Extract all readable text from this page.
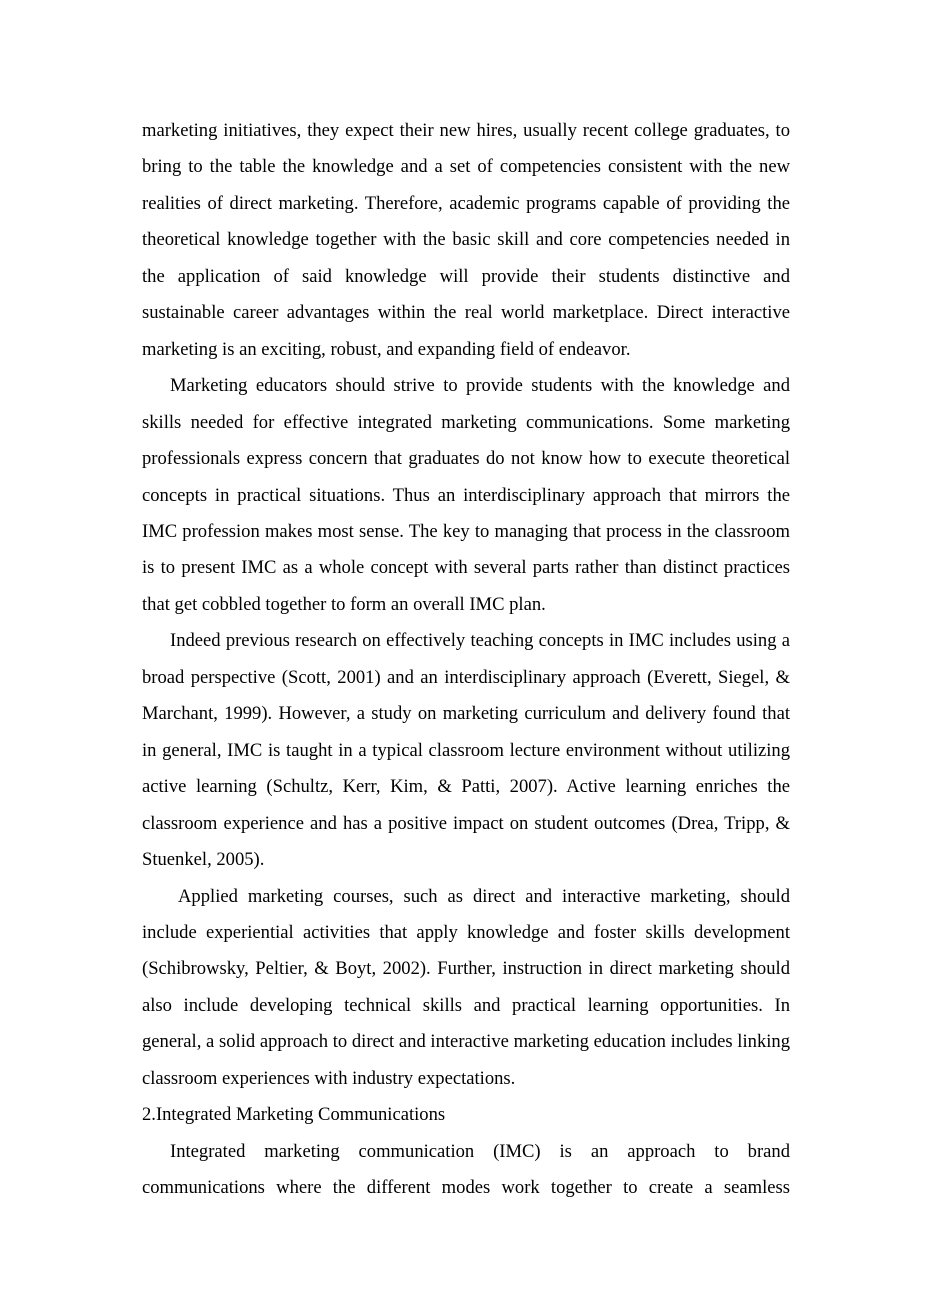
marketing initiatives, they expect their new hires, usually recent college graduates, to bring to the table the knowledge and a set of competencies consistent with the new realities of direct marketing. Therefore, academic programs capable of providing the theoretical knowledge together with the basic skill and core competencies needed in the application of said knowledge will provide their students distinctive and sustainable career advantages within the real world marketplace. Direct interactive marketing is an exciting, robust, and expanding field of endeavor.

Marketing educators should strive to provide students with the knowledge and skills needed for effective integrated marketing communications. Some marketing professionals express concern that graduates do not know how to execute theoretical concepts in practical situations. Thus an interdisciplinary approach that mirrors the IMC profession makes most sense. The key to managing that process in the classroom is to present IMC as a whole concept with several parts rather than distinct practices that get cobbled together to form an overall IMC plan.

Indeed previous research on effectively teaching concepts in IMC includes using a broad perspective (Scott, 2001) and an interdisciplinary approach (Everett, Siegel, & Marchant, 1999). However, a study on marketing curriculum and delivery found that in general, IMC is taught in a typical classroom lecture environment without utilizing active learning (Schultz, Kerr, Kim, & Patti, 2007). Active learning enriches the classroom experience and has a positive impact on student outcomes (Drea, Tripp, & Stuenkel, 2005).

Applied marketing courses, such as direct and interactive marketing, should include experiential activities that apply knowledge and foster skills development (Schibrowsky, Peltier, & Boyt, 2002). Further, instruction in direct marketing should also include developing technical skills and practical learning opportunities. In general, a solid approach to direct and interactive marketing education includes linking classroom experiences with industry expectations.

2.Integrated Marketing Communications

Integrated marketing communication (IMC) is an approach to brand communications where the different modes work together to create a seamless
